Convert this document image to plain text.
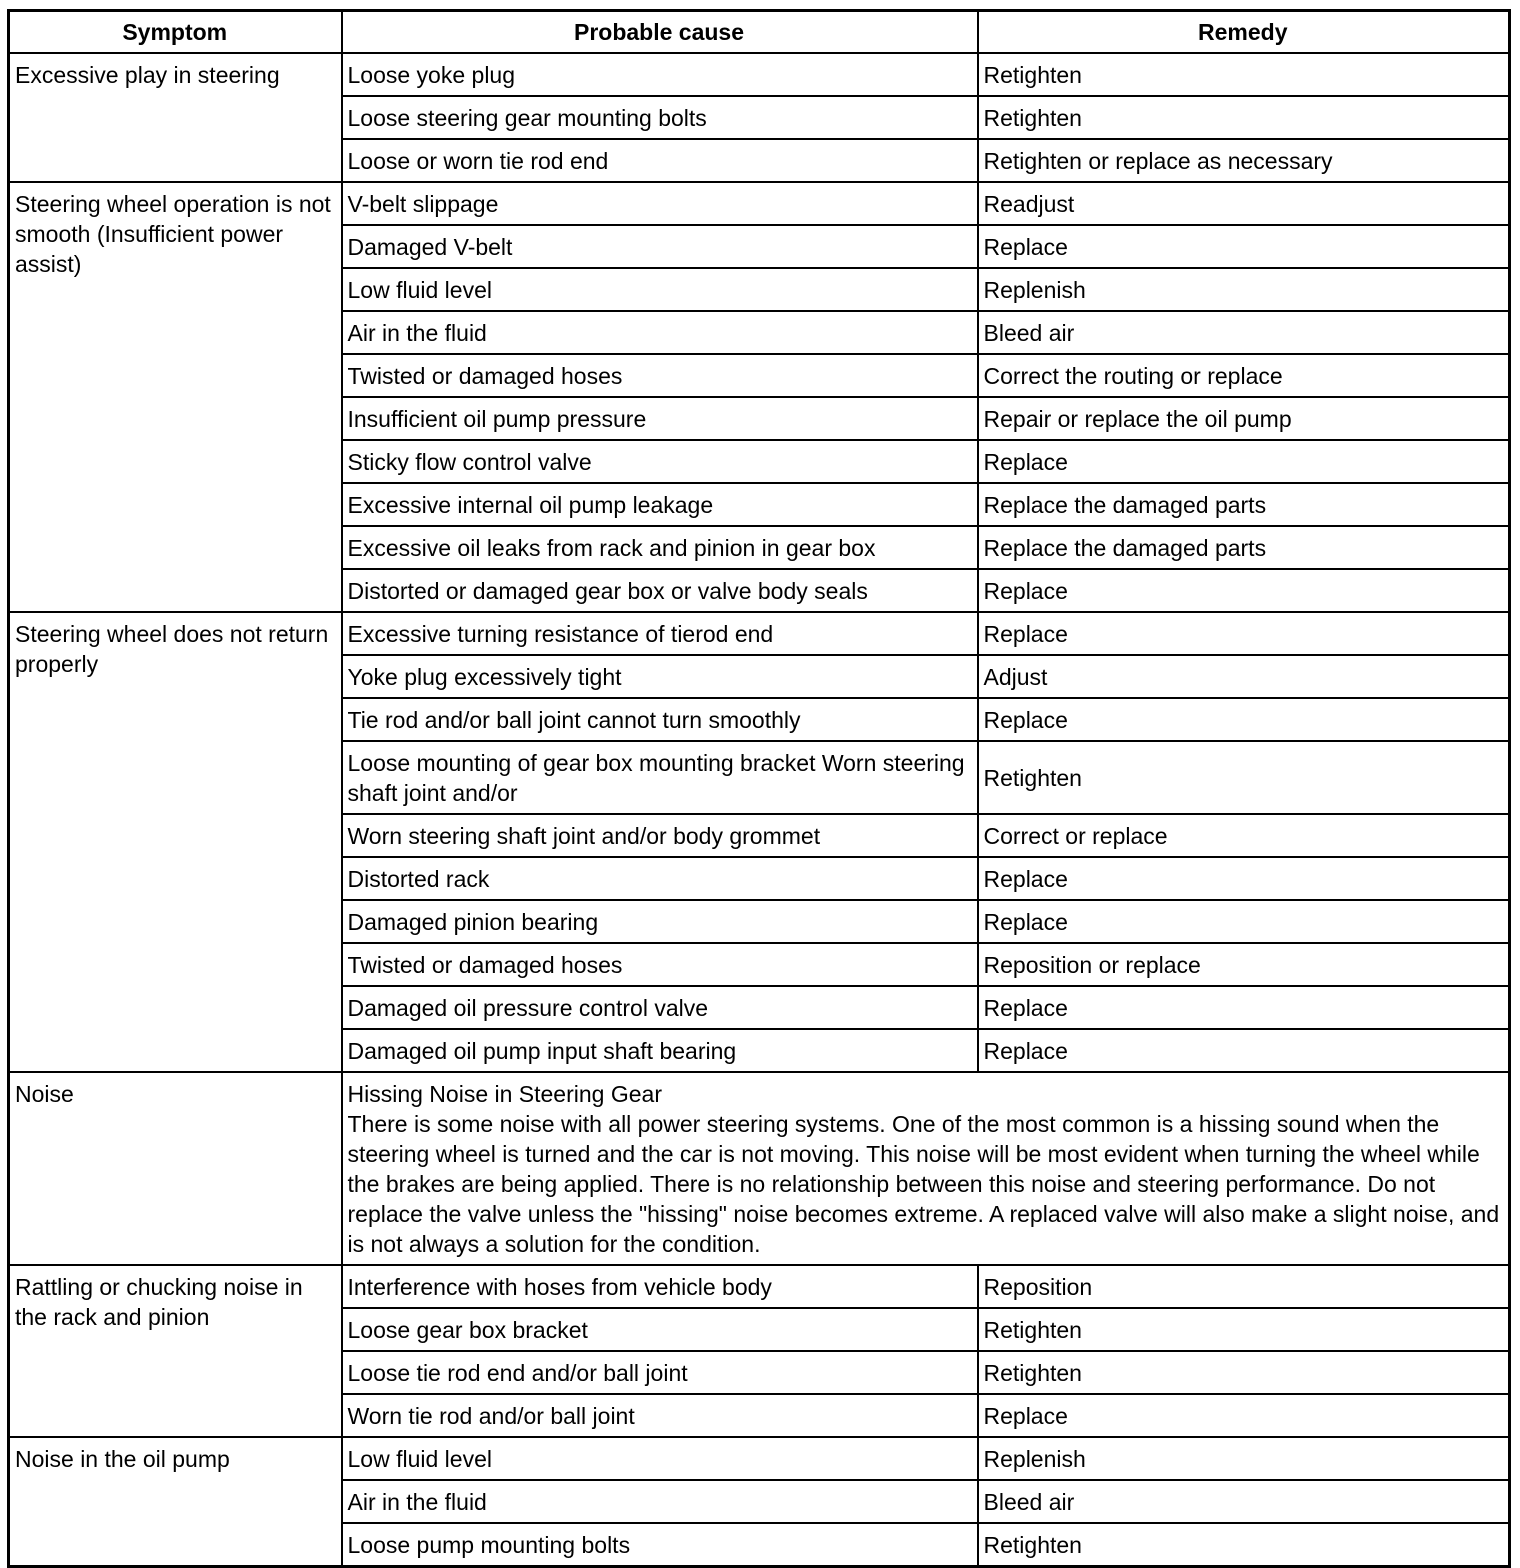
Symptom	Probable cause	Remedy
Excessive play in steering	Loose yoke plug	Retighten
	Loose steering gear mounting bolts	Retighten
	Loose or worn tie rod end	Retighten or replace as necessary
Steering wheel operation is not smooth (Insufficient power assist)	V-belt slippage	Readjust
	Damaged V-belt	Replace
	Low fluid level	Replenish
	Air in the fluid	Bleed air
	Twisted or damaged hoses	Correct the routing or replace
	Insufficient oil pump pressure	Repair or replace the oil pump
	Sticky flow control valve	Replace
	Excessive internal oil pump leakage	Replace the damaged parts
	Excessive oil leaks from rack and pinion in gear box	Replace the damaged parts
	Distorted or damaged gear box or valve body seals	Replace
Steering wheel does not return properly	Excessive turning resistance of tierod end	Replace
	Yoke plug excessively tight	Adjust
	Tie rod and/or ball joint cannot turn smoothly	Replace
	Loose mounting of gear box mounting bracket Worn steering shaft joint and/or	Retighten
	Worn steering shaft joint and/or body grommet	Correct or replace
	Distorted rack	Replace
	Damaged pinion bearing	Replace
	Twisted or damaged hoses	Reposition or replace
	Damaged oil pressure control valve	Replace
	Damaged oil pump input shaft bearing	Replace
Noise	Hissing Noise in Steering Gear
There is some noise with all power steering systems. One of the most common is a hissing sound when the steering wheel is turned and the car is not moving. This noise will be most evident when turning the wheel while the brakes are being applied. There is no relationship between this noise and steering performance. Do not replace the valve unless the "hissing" noise becomes extreme. A replaced valve will also make a slight noise, and is not always a solution for the condition.	

Rattling or chucking noise in the rack and pinion	Interference with hoses from vehicle body	Reposition
	Loose gear box bracket	Retighten
	Loose tie rod end and/or ball joint	Retighten
	Worn tie rod and/or ball joint	Replace
Noise in the oil pump	Low fluid level	Replenish
	Air in the fluid	Bleed air
	Loose pump mounting bolts	Retighten
